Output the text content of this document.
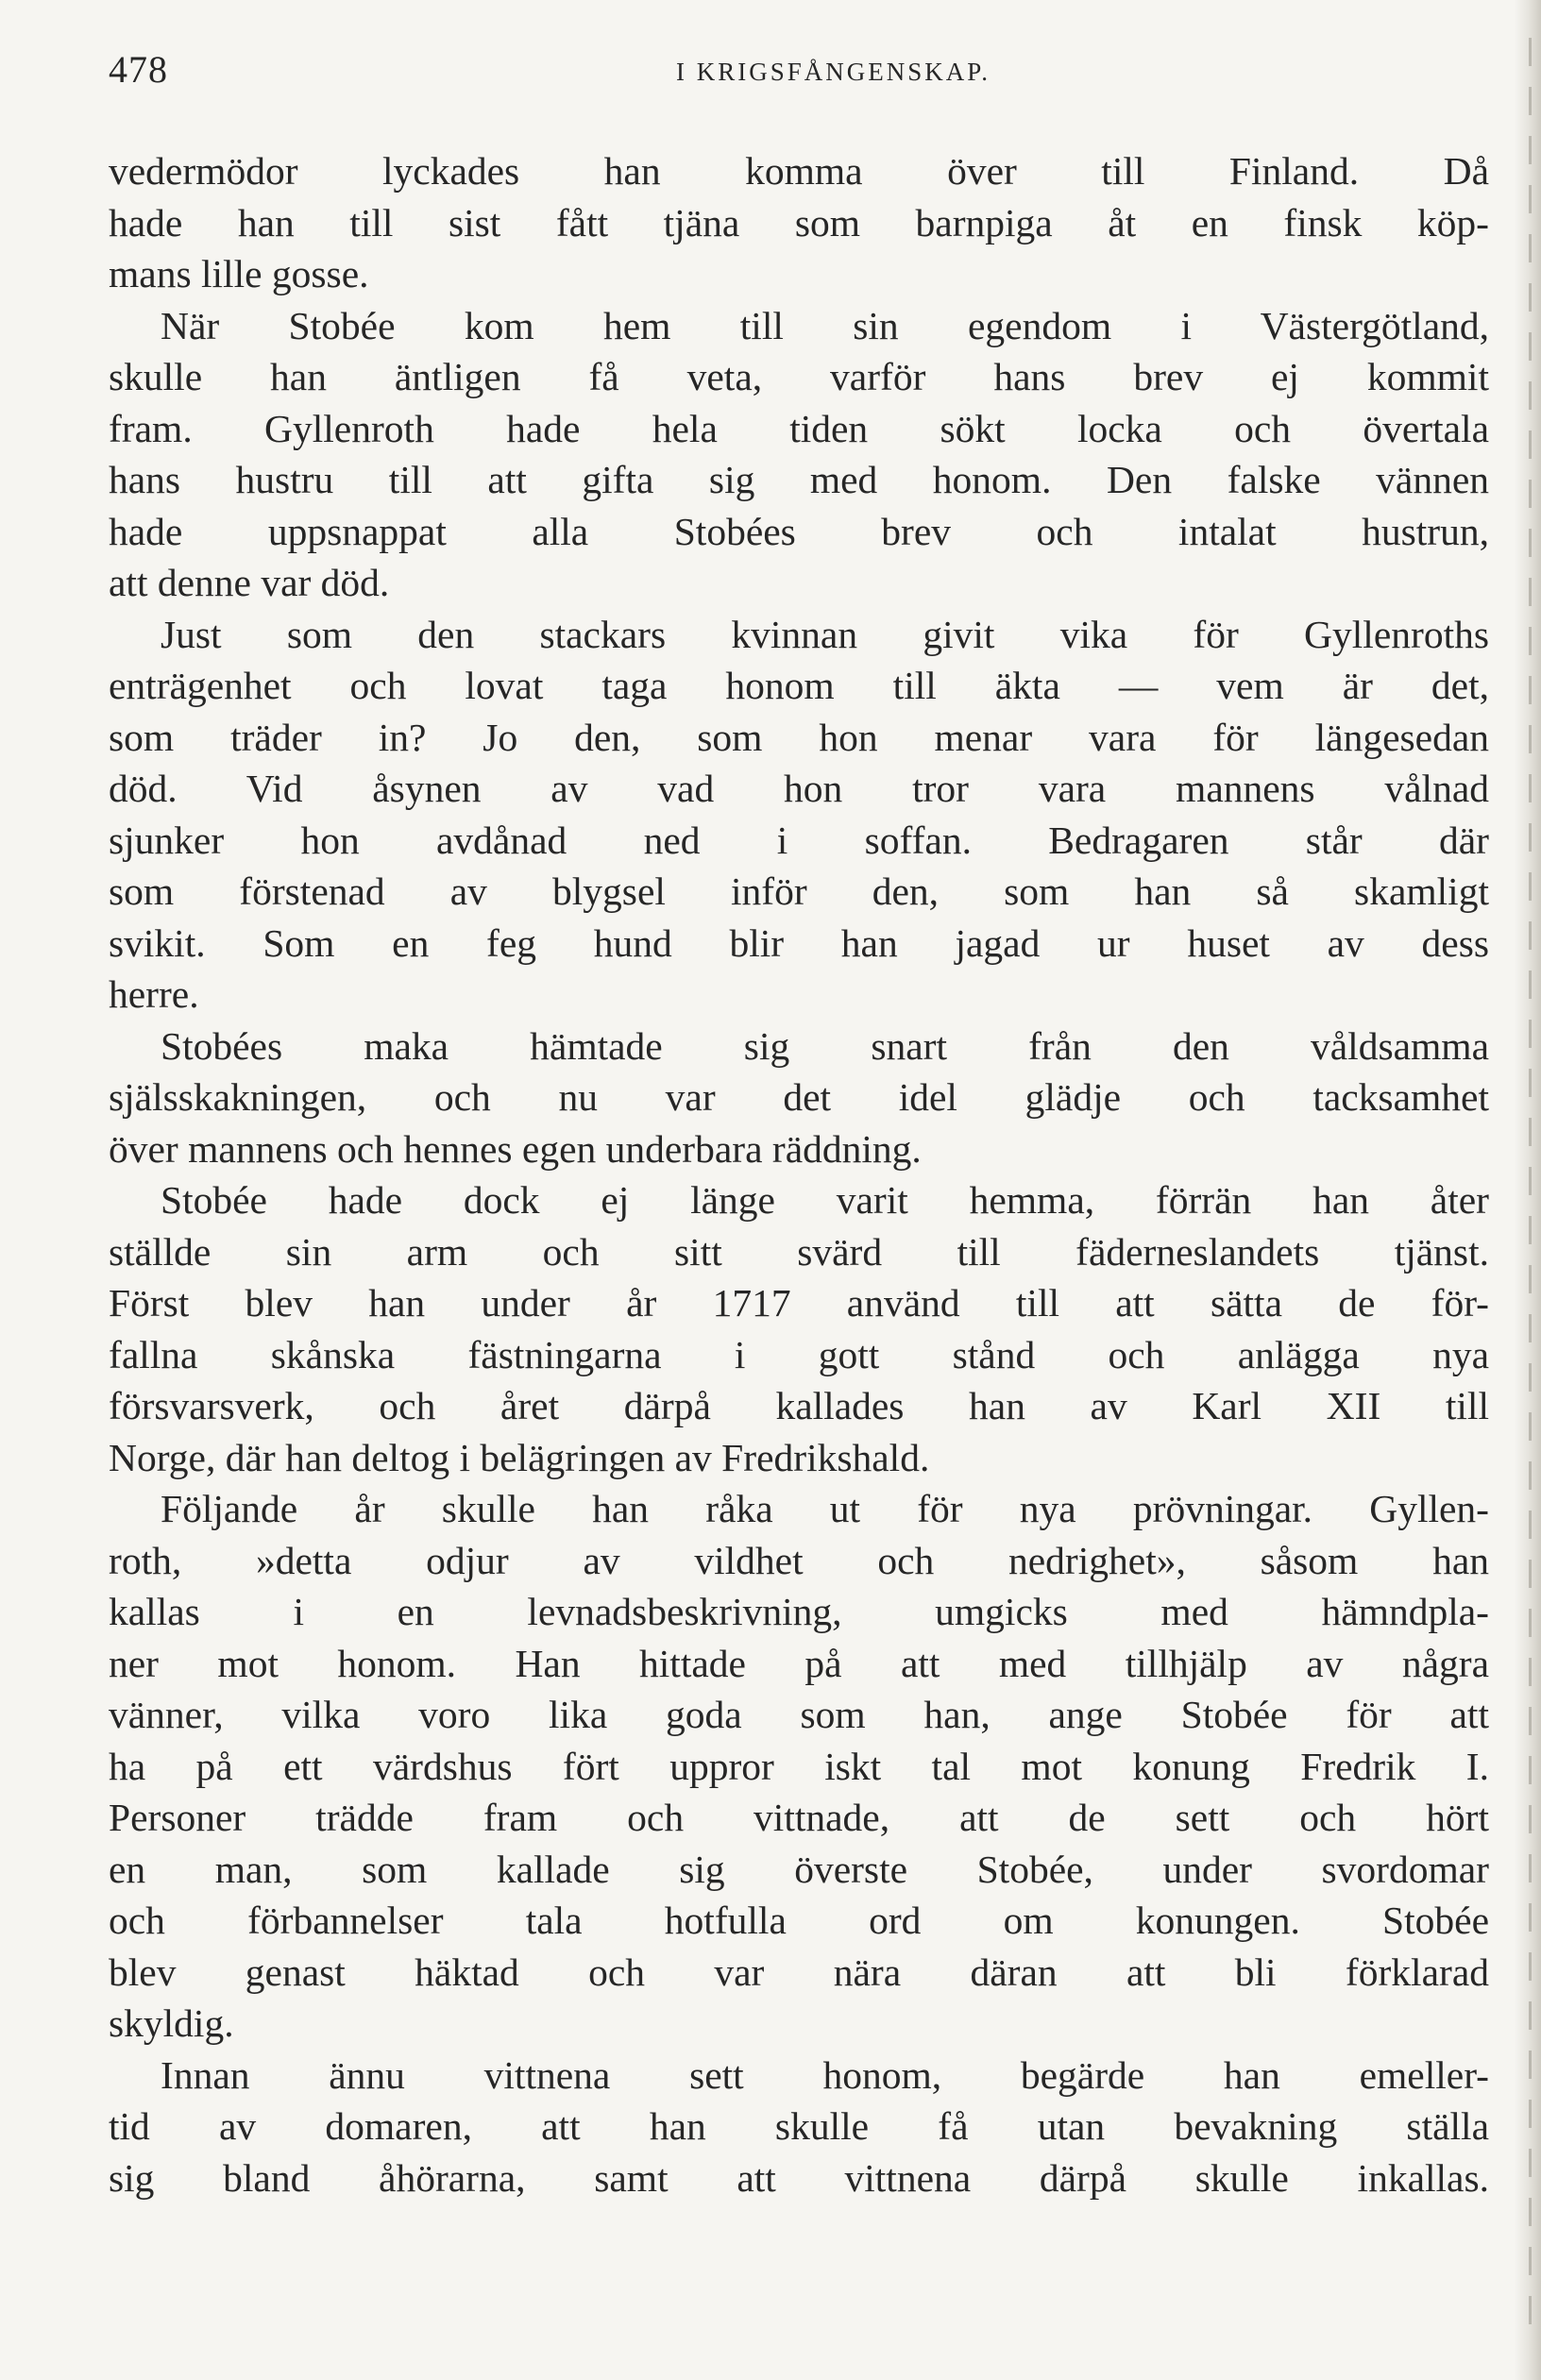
478	I KRIGSFÅNGENSKAP.
vedermödor lyckades han komma över till Finland. Då
hade han till sist fått tjäna som barnpiga åt en finsk köp-
mans lille gosse.
När Stobée kom hem till sin egendom i Västergötland,
skulle han äntligen få veta, varför hans brev ej kommit
fram. Gyllenroth hade hela tiden sökt locka och övertala
hans hustru till att gifta sig med honom. Den falske vännen
hade uppsnappat alla Stobées brev och intalat hustrun,
att denne var död.
Just som den stackars kvinnan givit vika för Gyllenroths
enträgenhet och lovat taga honom till äkta — vem är det,
som träder in? Jo den, som hon menar vara för längesedan
död. Vid åsynen av vad hon tror vara mannens vålnad
sjunker hon avdånad ned i soffan. Bedragaren står där
som förstenad av blygsel inför den, som han så skamligt
svikit. Som en feg hund blir han jagad ur huset av dess
herre.
Stobées maka hämtade sig snart från den våldsamma
själsskakningen, och nu var det idel glädje och tacksamhet
över mannens och hennes egen underbara räddning.
Stobée hade dock ej länge varit hemma, förrän han åter
ställde sin arm och sitt svärd till fäderneslandets tjänst.
Först blev han under år 1717 använd till att sätta de för-
fallna skånska fästningarna i gott stånd och anlägga nya
försvarsverk, och året därpå kallades han av Karl XII till
Norge, där han deltog i belägringen av Fredrikshald.
Följande år skulle han råka ut för nya prövningar. Gyllen-
roth, »detta odjur av vildhet och nedrighet», såsom han
kallas i en levnadsbeskrivning, umgicks med hämndpla-
ner mot honom. Han hittade på att med tillhjälp av några
vänner, vilka voro lika goda som han, ange Stobée för att
ha på ett värdshus fört uppror iskt tal mot konung Fredrik I.
Personer trädde fram och vittnade, att de sett och hört
en man, som kallade sig överste Stobée, under svordomar
och förbannelser tala hotfulla ord om konungen. Stobée
blev genast häktad och var nära däran att bli förklarad
skyldig.
Innan ännu vittnena sett honom, begärde han emeller-
tid av domaren, att han skulle få utan bevakning ställa
sig bland åhörarna, samt att vittnena därpå skulle inkallas.
